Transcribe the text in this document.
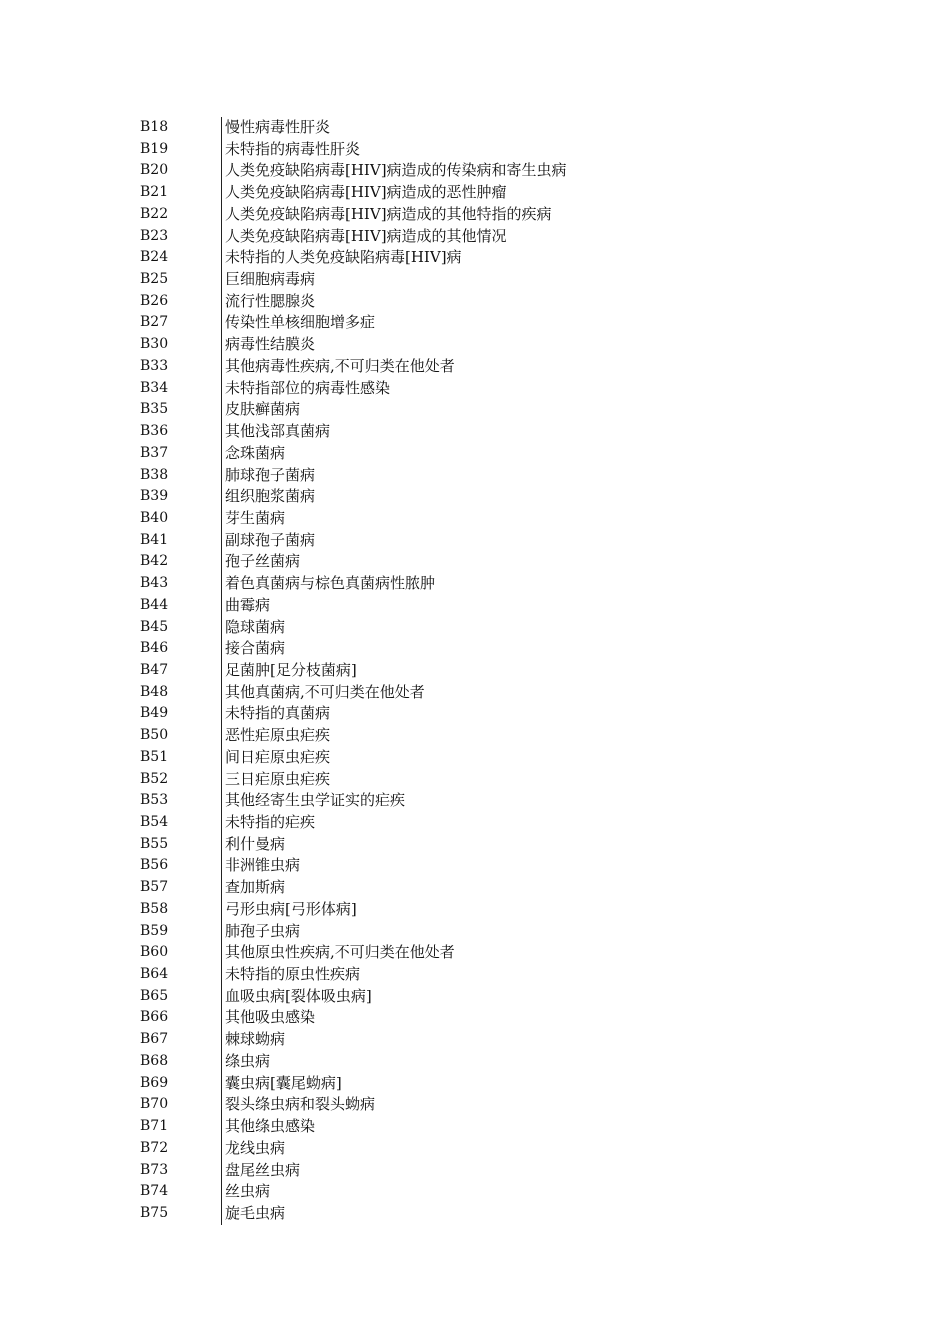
B18	慢性病毒性肝炎
B19	未特指的病毒性肝炎
B20	人类免疫缺陷病毒[HIV]病造成的传染病和寄生虫病
B21	人类免疫缺陷病毒[HIV]病造成的恶性肿瘤
B22	人类免疫缺陷病毒[HIV]病造成的其他特指的疾病
B23	人类免疫缺陷病毒[HIV]病造成的其他情况
B24	未特指的人类免疫缺陷病毒[HIV]病
B25	巨细胞病毒病
B26	流行性腮腺炎
B27	传染性单核细胞增多症
B30	病毒性结膜炎
B33	其他病毒性疾病,不可归类在他处者
B34	未特指部位的病毒性感染
B35	皮肤癣菌病
B36	其他浅部真菌病
B37	念珠菌病
B38	肺球孢子菌病
B39	组织胞浆菌病
B40	芽生菌病
B41	副球孢子菌病
B42	孢子丝菌病
B43	着色真菌病与棕色真菌病性脓肿
B44	曲霉病
B45	隐球菌病
B46	接合菌病
B47	足菌肿[足分枝菌病]
B48	其他真菌病,不可归类在他处者
B49	未特指的真菌病
B50	恶性疟原虫疟疾
B51	间日疟原虫疟疾
B52	三日疟原虫疟疾
B53	其他经寄生虫学证实的疟疾
B54	未特指的疟疾
B55	利什曼病
B56	非洲锥虫病
B57	查加斯病
B58	弓形虫病[弓形体病]
B59	肺孢子虫病
B60	其他原虫性疾病,不可归类在他处者
B64	未特指的原虫性疾病
B65	血吸虫病[裂体吸虫病]
B66	其他吸虫感染
B67	棘球蚴病
B68	绦虫病
B69	囊虫病[囊尾蚴病]
B70	裂头绦虫病和裂头蚴病
B71	其他绦虫感染
B72	龙线虫病
B73	盘尾丝虫病
B74	丝虫病
B75	旋毛虫病
